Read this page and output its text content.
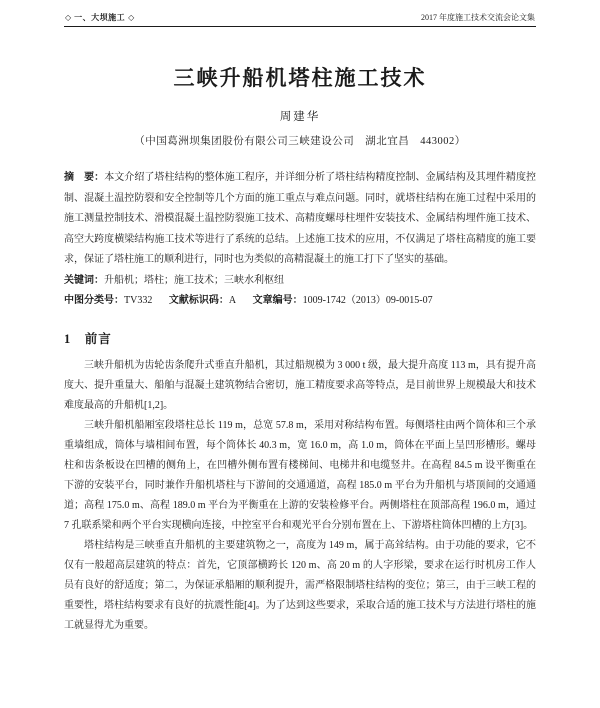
◇ 一、大坝施工 ◇	2017 年度施工技术交流会论文集
三峡升船机塔柱施工技术
周建华
（中国葛洲坝集团股份有限公司三峡建设公司　湖北宜昌　443002）

摘　要：本文介绍了塔柱结构的整体施工程序，并详细分析了塔柱结构精度控制、金属结构及其埋件精度控制、混凝土温控防裂和安全控制等几个方面的施工重点与难点问题。同时，就塔柱结构在施工过程中采用的施工测量控制技术、滑模混凝土温控防裂施工技术、高精度螺母柱埋件安装技术、金属结构埋件施工技术、高空大跨度横梁结构施工技术等进行了系统的总结。上述施工技术的应用，不仅满足了塔柱高精度的施工要求，保证了塔柱施工的顺利进行，同时也为类似的高精混凝土的施工打下了坚实的基础。

关键词：升船机；塔柱；施工技术；三峡水利枢纽

中图分类号：TV332 文献标识码：A 文章编号：1009-1742（2013）09-0015-07

1　前言

三峡升船机为齿轮齿条爬升式垂直升船机，其过船规模为 3 000 t 级，最大提升高度 113 m，具有提升高度大、提升重量大、船舶与混凝土建筑物结合密切，施工精度要求高等特点，是目前世界上规模最大和技术难度最高的升船机[1,2]。

三峡升船机船厢室段塔柱总长 119 m，总宽 57.8 m，采用对称结构布置。每侧塔柱由两个筒体和三个承重墙组成，筒体与墙相间布置，每个筒体长 40.3 m，宽 16.0 m，高 1.0 m，筒体在平面上呈凹形槽形。螺母柱和齿条板设在凹槽的侧角上，在凹槽外侧布置有楼梯间、电梯井和电缆竖井。在高程 84.5 m 设平衡重在下游的安装平台，同时兼作升船机塔柱与下游间的交通通道，高程 185.0 m 平台为升船机与塔顶间的交通通道；高程 175.0 m、高程 189.0 m 平台为平衡重在上游的安装检修平台。两侧塔柱在顶部高程 196.0 m，通过 7 孔联系梁和两个平台实现横向连接，中控室平台和观光平台分别布置在上、下游塔柱筒体凹槽的上方[3]。

塔柱结构是三峡垂直升船机的主要建筑物之一，高度为 149 m，属于高耸结构。由于功能的要求，它不仅有一般超高层建筑的特点：首先，它顶部横跨长 120 m、高 20 m 的人字形梁，要求在运行时机房工作人员有良好的舒适度；第二，为保证承船厢的顺利提升，需严格限制塔柱结构的变位；第三，由于三峡工程的重要性，塔柱结构要求有良好的抗震性能[4]。为了达到这些要求，采取合适的施工技术与方法进行塔柱的施工就显得尤为重要。
